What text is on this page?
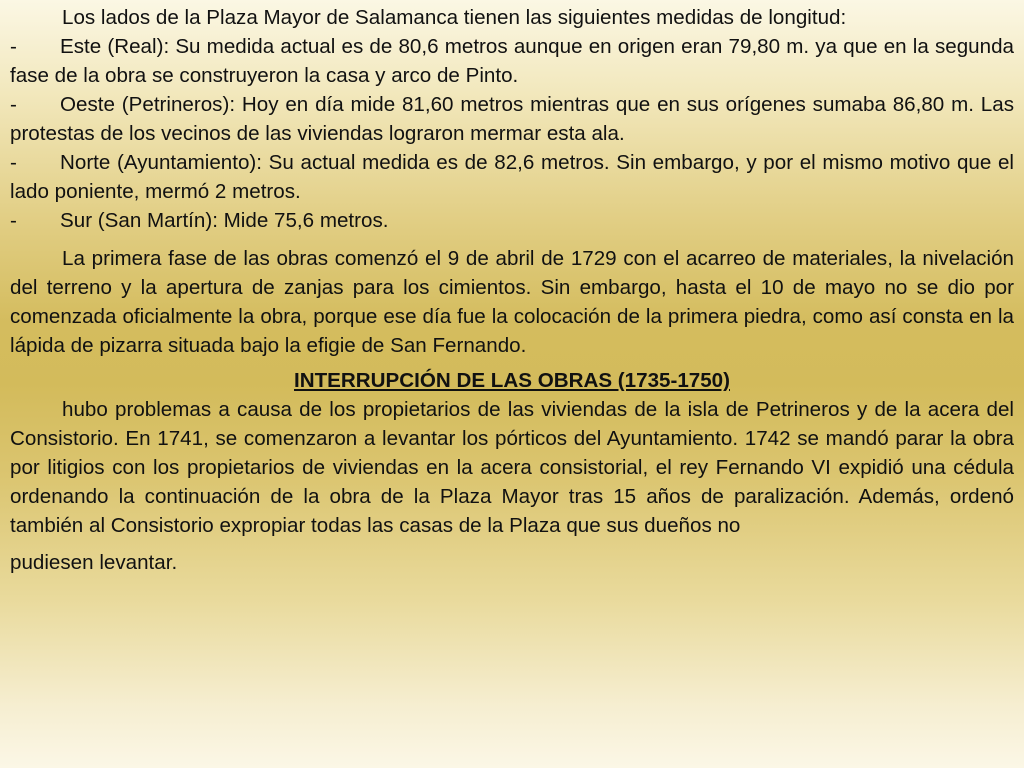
Los lados de la Plaza Mayor de Salamanca tienen las siguientes medidas de longitud:

- Este (Real): Su medida actual es de 80,6 metros aunque en origen eran 79,80 m. ya que en la segunda fase de la obra se construyeron la casa y arco de Pinto.

- Oeste (Petrineros): Hoy en día mide 81,60 metros mientras que en sus orígenes sumaba 86,80 m. Las protestas de los vecinos de las viviendas lograron mermar esta ala.

- Norte (Ayuntamiento): Su actual medida es de 82,6 metros. Sin embargo, y por el mismo motivo que el lado poniente, mermó 2 metros.

- Sur (San Martín): Mide 75,6 metros.

La primera fase de las obras comenzó el 9 de abril de 1729 con el acarreo de materiales, la nivelación del terreno y la apertura de zanjas para los cimientos. Sin embargo, hasta el 10 de mayo no se dio por comenzada oficialmente la obra, porque ese día fue la colocación de la primera piedra, como así consta en la lápida de pizarra situada bajo la efigie de San Fernando.

INTERRUPCIÓN DE LAS OBRAS (1735-1750)

hubo problemas a causa de los propietarios de las viviendas de la isla de Petrineros y de la acera del Consistorio. En 1741, se comenzaron a levantar los pórticos del Ayuntamiento. 1742 se mandó parar la obra por litigios con los propietarios de viviendas en la acera consistorial, el rey Fernando VI expidió una cédula ordenando la continuación de la obra de la Plaza Mayor tras 15 años de paralización. Además, ordenó también al Consistorio expropiar todas las casas de la Plaza que sus dueños no

pudiesen levantar.
